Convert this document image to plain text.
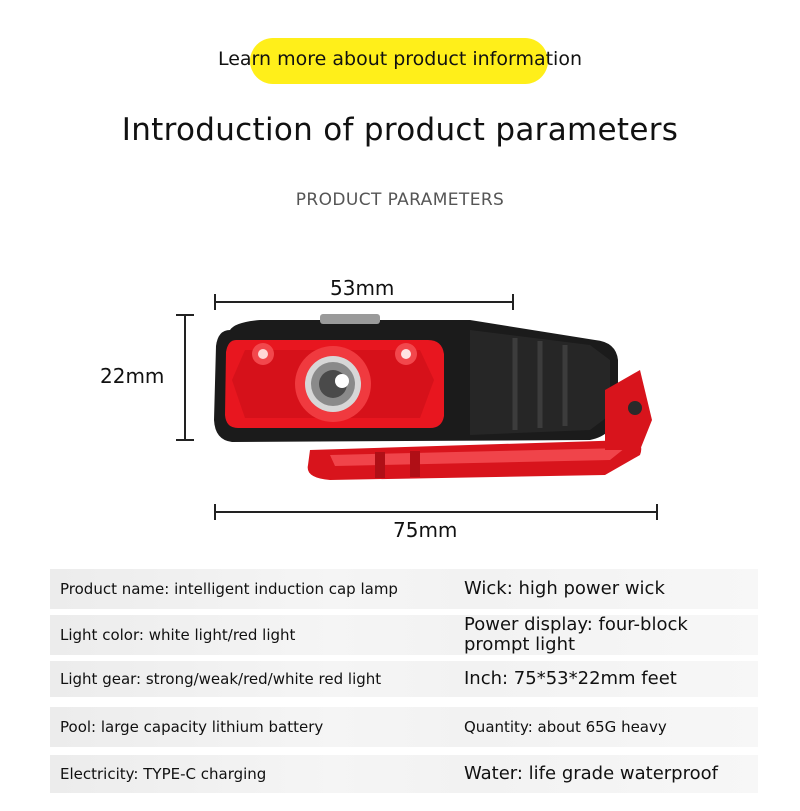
Learn more about product information
Introduction of product parameters
PRODUCT PARAMETERS
53mm
22mm
75mm
Product name: intelligent induction cap lamp	Wick: high power wick
Light color: white light/red light	Power display: four-block prompt light
Light gear: strong/weak/red/white red light	Inch: 75*53*22mm feet
Pool: large capacity lithium battery	Quantity: about 65G heavy
Electricity: TYPE-C charging	Water: life grade waterproof
